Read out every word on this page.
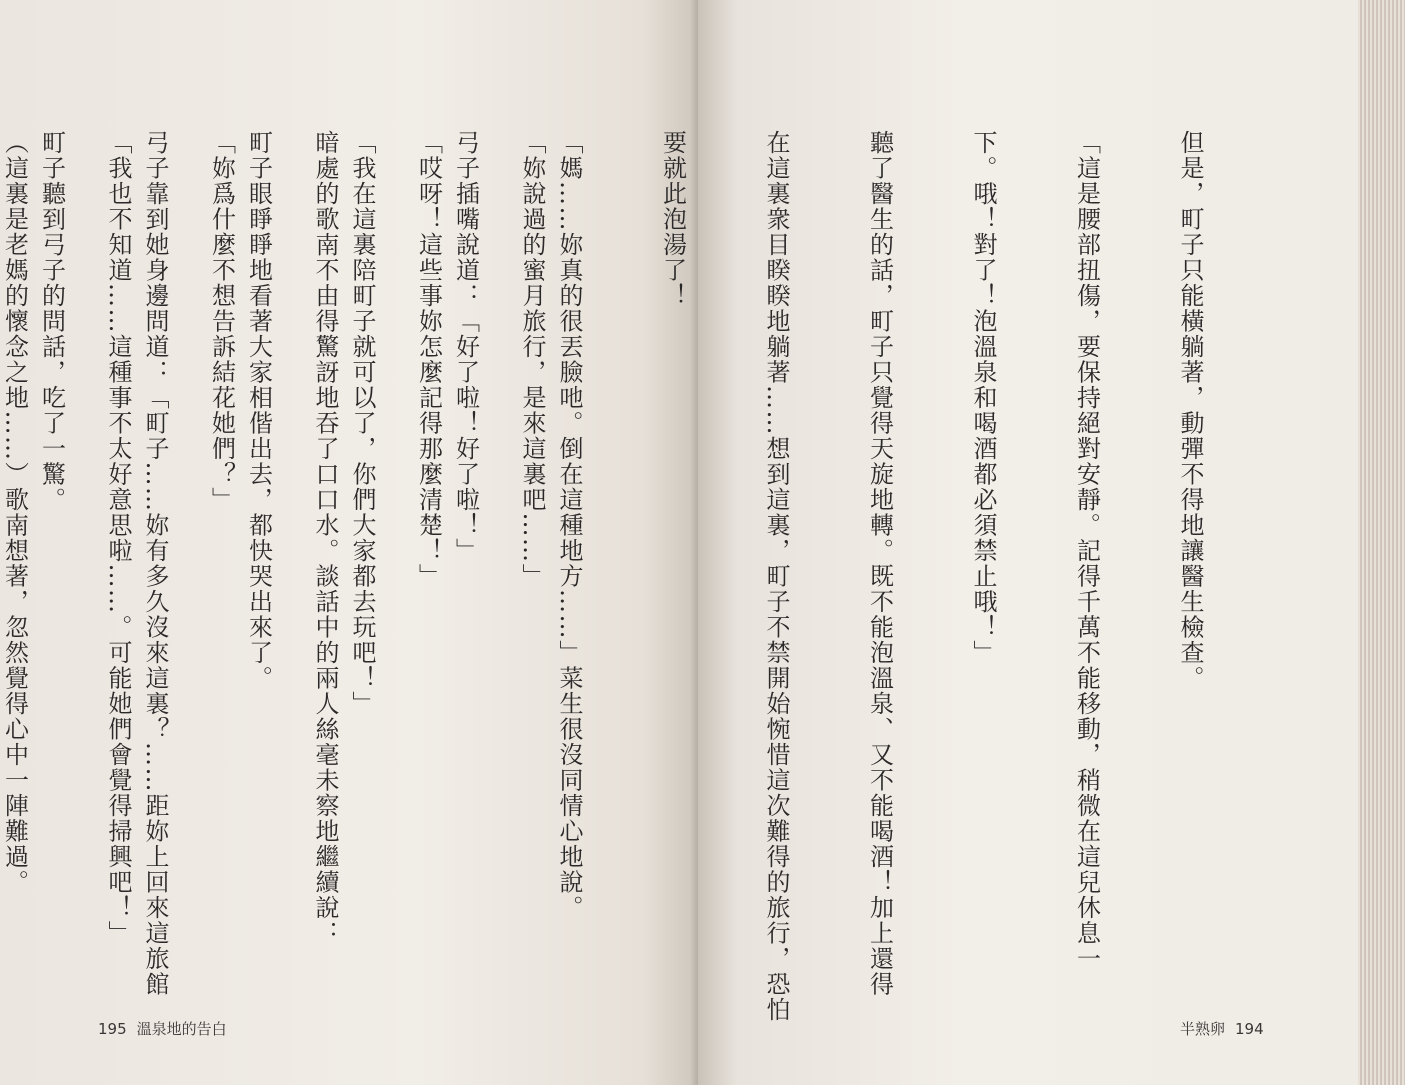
「妳說過的蜜月旅行，是來這裏吧……」

「哎呀！這些事妳怎麼記得那麼清楚！」

暗處的歌南不由得驚訝地吞了口口水。談話中的兩人絲毫未察地繼續說：

「妳爲什麼不想告訴結花她們？」

「我也不知道……這種事不太好意思啦……。可能她們會覺得掃興吧！」

（這裏是老媽的懷念之地……）歌南想著，忽然覺得心中一陣難過。

195 溫泉地的告白	半熟卵 194

但是，町子只能橫躺著，動彈不得地讓醫生檢查。

「這是腰部扭傷，要保持絕對安靜。記得千萬不能移動，稍微在這兒休息一

下。哦！對了！泡溫泉和喝酒都必須禁止哦！」

聽了醫生的話，町子只覺得天旋地轉。既不能泡溫泉、又不能喝酒！加上還得

在這裏衆目睽睽地躺著……想到這裏，町子不禁開始惋惜這次難得的旅行，恐怕

要就此泡湯了！

「媽……妳真的很丟臉吔。倒在這種地方……」菜生很沒同情心地說。

弓子插嘴說道：「好了啦！好了啦！」

「我在這裏陪町子就可以了，你們大家都去玩吧！」

町子眼睜睜地看著大家相偕出去，都快哭出來了。

弓子靠到她身邊問道：「町子……妳有多久沒來這裏？……距妳上回來這旅館

町子聽到弓子的問話，吃了一驚。
